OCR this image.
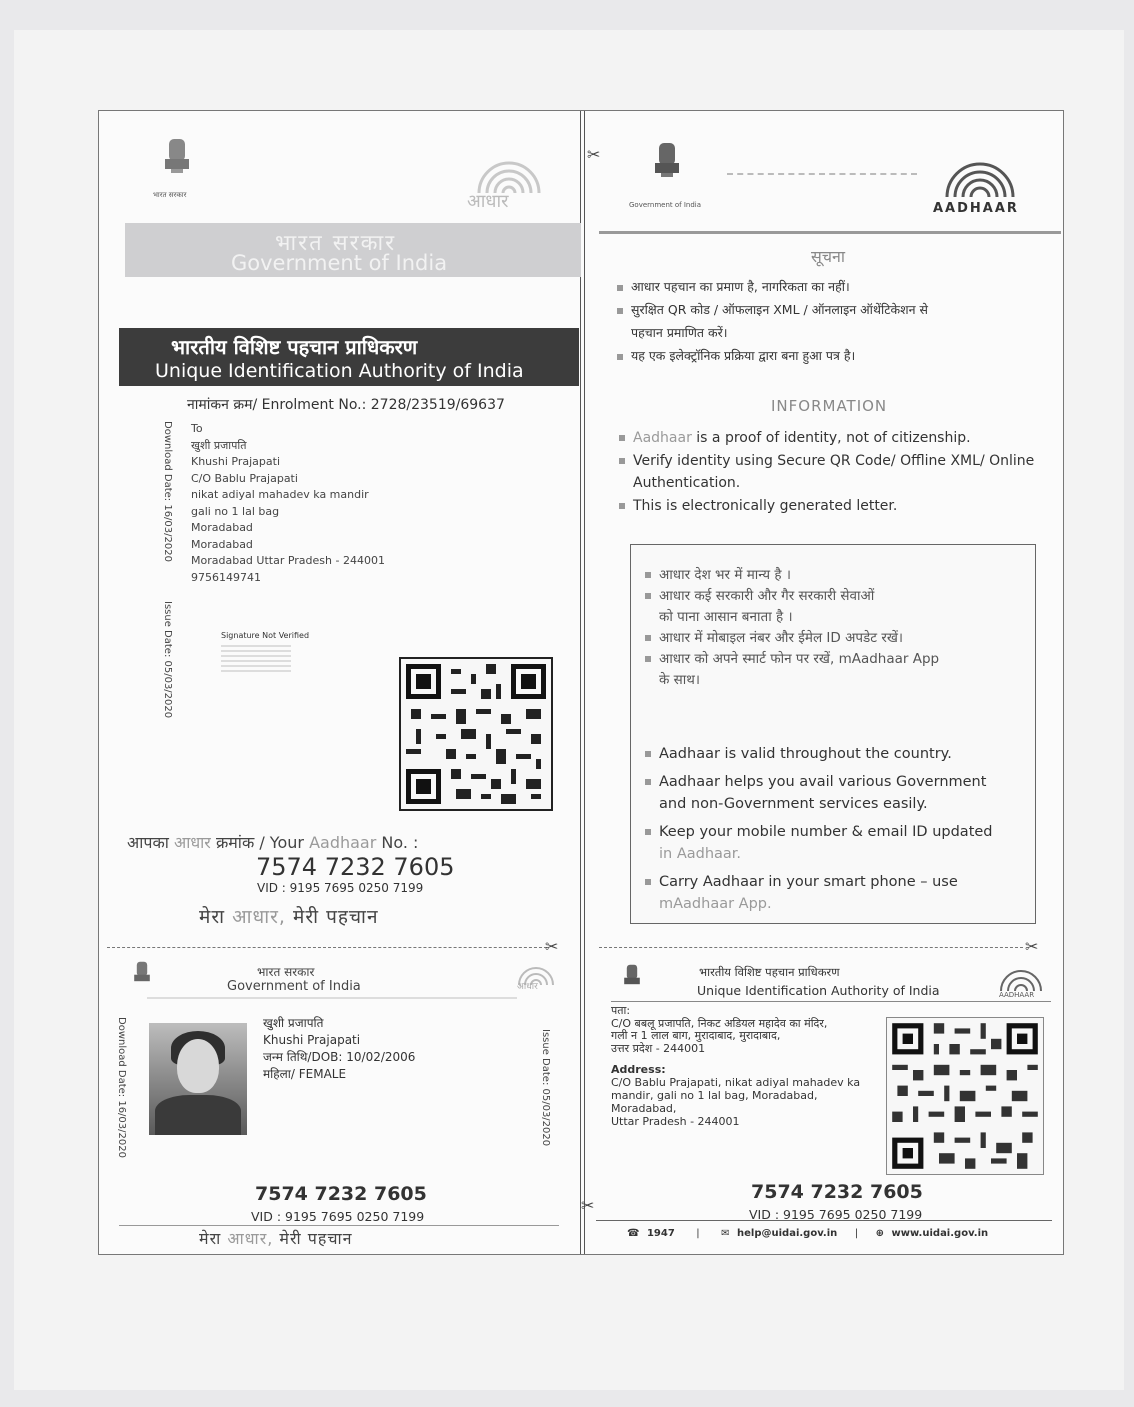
✂
✂
भारत सरकार	आधार
भारत सरकार
Government of India
भारतीय विशिष्ट पहचान प्राधिकरण
Unique Identification Authority of India
नामांकन क्रम/ Enrolment No.: 2728/23519/69637
Download Date: 16/03/2020
Issue Date: 05/03/2020
To
खुशी प्रजापति
Khushi Prajapati
C/O Bablu Prajapati
nikat adiyal mahadev ka mandir
gali no 1 lal bag
Moradabad
Moradabad
Moradabad Uttar Pradesh - 244001
9756149741
Signature Not Verified
आपका आधार क्रमांक / Your Aadhaar No. :
7574 7232 7605
VID : 9195 7695 0250 7199
मेरा आधार, मेरी पहचान
Government of India	AADHAAR
सूचना
आधार पहचान का प्रमाण है, नागरिकता का नहीं।
सुरक्षित QR कोड / ऑफलाइन XML / ऑनलाइन ऑथेंटिकेशन से
पहचान प्रमाणित करें।
यह एक इलेक्ट्रॉनिक प्रक्रिया द्वारा बना हुआ पत्र है।
INFORMATION
Aadhaar is a proof of identity, not of citizenship.
Verify identity using Secure QR Code/ Offline XML/ Online
Authentication.
This is electronically generated letter.
आधार देश भर में मान्य है ।
आधार कई सरकारी और गैर सरकारी सेवाओं
को पाना आसान बनाता है ।
आधार में मोबाइल नंबर और ईमेल ID अपडेट रखें।
आधार को अपने स्मार्ट फोन पर रखें, mAadhaar App
के साथ।
Aadhaar is valid throughout the country.
Aadhaar helps you avail various Government
and non-Government services easily.
Keep your mobile number & email ID updated
in Aadhaar.
Carry Aadhaar in your smart phone – use
mAadhaar App.
✂	✂
भारत सरकार
Government of India	आधार
Download Date: 16/03/2020	Issue Date: 05/03/2020
खुशी प्रजापति
Khushi Prajapati
जन्म तिथि/DOB: 10/02/2006
महिला/ FEMALE
7574 7232 7605
VID : 9195 7695 0250 7199
मेरा आधार, मेरी पहचान
भारतीय विशिष्ट पहचान प्राधिकरण
Unique Identification Authority of India	AADHAAR
पता:
C/O बबलू प्रजापति, निकट अडियल महादेव का मंदिर,
गली न 1 लाल बाग, मुरादाबाद, मुरादाबाद,
उत्तर प्रदेश - 244001
Address:
C/O Bablu Prajapati, nikat adiyal mahadev ka
mandir, gali no 1 lal bag, Moradabad,
Moradabad,
Uttar Pradesh - 244001
7574 7232 7605
VID : 9195 7695 0250 7199
☎ 1947 | ✉ help@uidai.gov.in | ⊕ www.uidai.gov.in
